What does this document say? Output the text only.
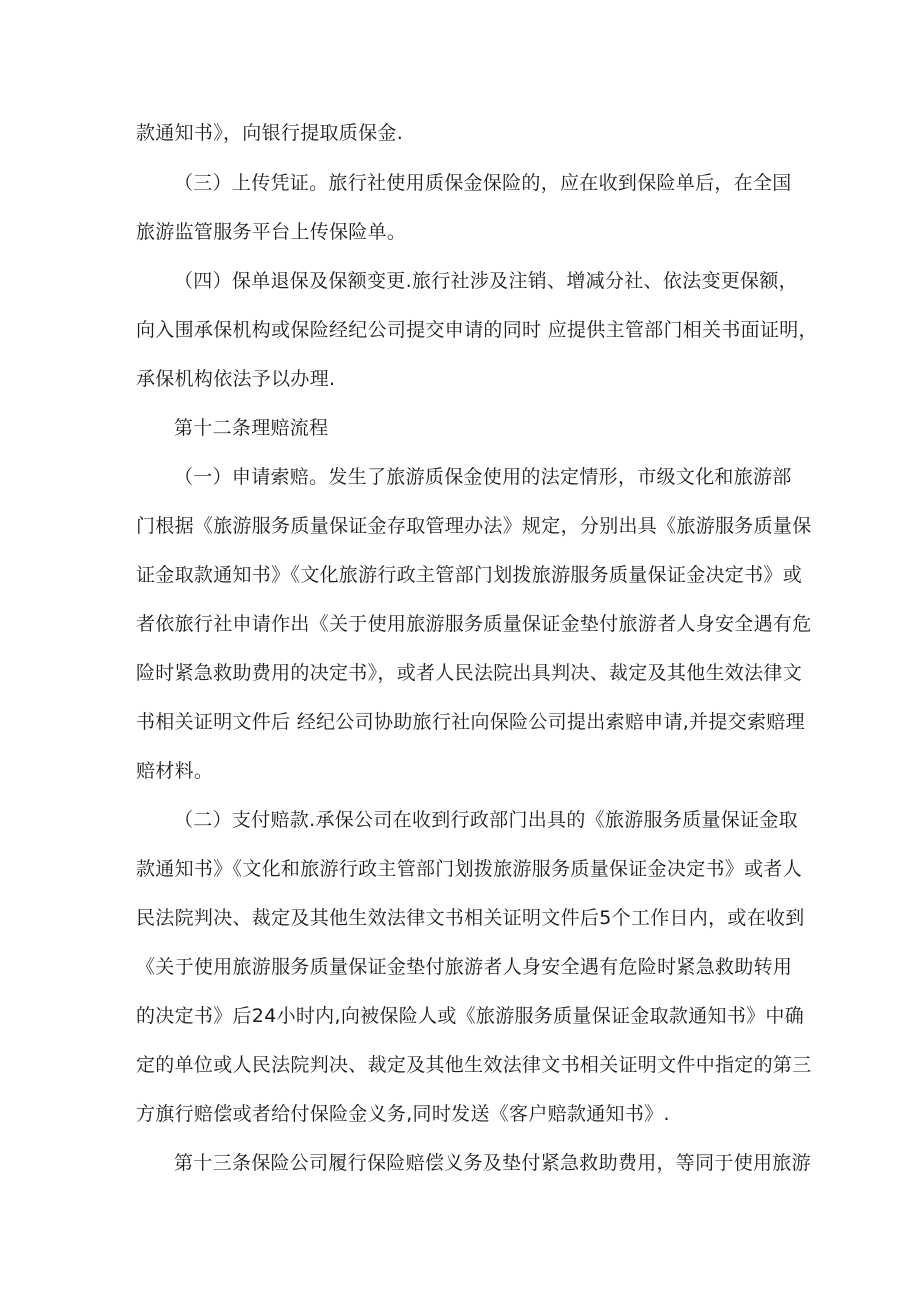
款通知书》，向银行提取质保金.

（三）上传凭证。旅行社使用质保金保险的，应在收到保险单后，在全国

旅游监管服务平台上传保险单。

（四）保单退保及保额变更.旅行社涉及注销、增减分社、依法变更保额，

向入围承保机构或保险经纪公司提交申请的同时 应提供主管部门相关书面证明，

承保机构依法予以办理.

第十二条理赔流程

（一）申请索赔。发生了旅游质保金使用的法定情形，市级文化和旅游部

门根据《旅游服务质量保证金存取管理办法》规定，分别出具《旅游服务质量保

证金取款通知书》《文化旅游行政主管部门划拨旅游服务质量保证金决定书》或

者依旅行社申请作出《关于使用旅游服务质量保证金垫付旅游者人身安全遇有危

险时紧急救助费用的决定书》，或者人民法院出具判决、裁定及其他生效法律文

书相关证明文件后 经纪公司协助旅行社向保险公司提出索赔申请,并提交索赔理

赔材料。

（二）支付赔款.承保公司在收到行政部门出具的《旅游服务质量保证金取

款通知书》《文化和旅游行政主管部门划拨旅游服务质量保证金决定书》或者人

民法院判决、裁定及其他生效法律文书相关证明文件后5个工作日内，或在收到

《关于使用旅游服务质量保证金垫付旅游者人身安全遇有危险时紧急救助转用

的决定书》后24小时内,向被保险人或《旅游服务质量保证金取款通知书》中确

定的单位或人民法院判决、裁定及其他生效法律文书相关证明文件中指定的第三

方旗行赔偿或者给付保险金义务,同时发送《客户赔款通知书》.

第十三条保险公司履行保险赔偿义务及垫付紧急救助费用，等同于使用旅游
